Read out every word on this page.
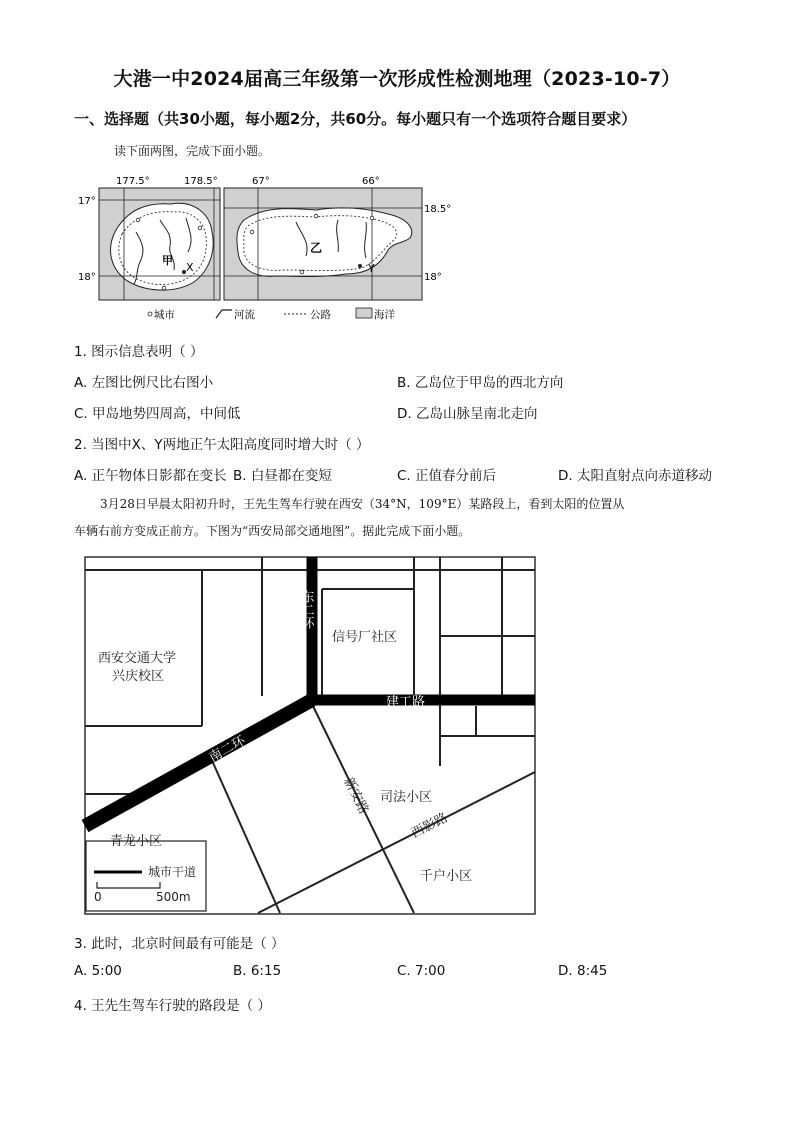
大港一中2024届高三年级第一次形成性检测地理（2023-10-7）
一、选择题（共30小题，每小题2分，共60分。每小题只有一个选项符合题目要求）
读下面两图，完成下面小题。
177.5°	178.5°
17°
18°
甲
X
67°	66°
18.5°
18°
乙
Y
城市	河流	公路	海洋
1. 图示信息表明（ ）
A. 左图比例尺比右图小	B. 乙岛位于甲岛的西北方向
C. 甲岛地势四周高，中间低	D. 乙岛山脉呈南北走向
2. 当图中X、Y两地正午太阳高度同时增大时（ ）
A. 正午物体日影都在变长 B. 白昼都在变短	C. 正值春分前后	D. 太阳直射点向赤道移动
3月28日早晨太阳初升时，王先生驾车行驶在西安（34°N，109°E）某路段上，看到太阳的位置从
车辆右前方变成正前方。下图为“西安局部交通地图”。据此完成下面小题。
东二环
建工路
南二环
新安路
西影路
西安交通大学
兴庆校区
信号厂社区
司法小区
青龙小区
千户小区
城市干道
0	500m
3. 此时，北京时间最有可能是（ ）
A. 5:00	B. 6:15	C. 7:00	D. 8:45
4. 王先生驾车行驶的路段是（ ）
